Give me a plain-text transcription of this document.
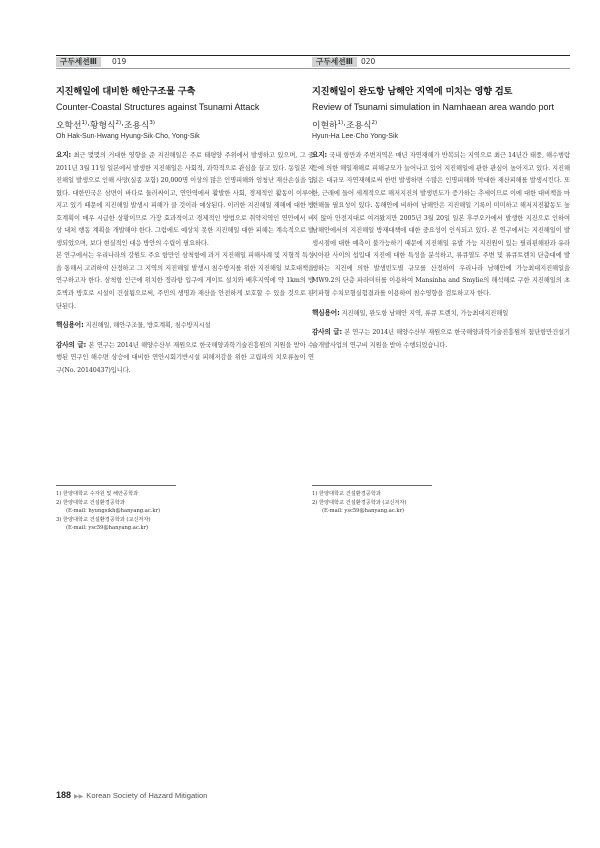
구두세션Ⅲ	019
지진해일에 대비한 해안구조물 구축
Counter-Coastal Structures against Tsunami Attack
오학선$^{1)}$·황형식$^{2)}$·조용식$^{3)}$
Oh Hak-Sun·Hwang Hyung-Sik·Cho, Yong-Sik

요지: 최근 몇몇의 거대한 영향을 준 지진해일은 주로 태평양 주위에서 발생하고 있으며, 그 중 2011년 3월 11일 일본에서 발생한 지진해일은 사회적, 과학적으로 관심을 끌고 있다. 동일본 지진해일 발생으로 인해 사망(실종 포함) 20,000명 이상의 많은 인명피해와 엄청난 재산손실을 입혔다. 대한민국은 삼면이 바다로 둘러싸이고, 연안역에서 활발한 사회, 경제적인 활동이 이루어지고 있기 때문에 지진해일 발생시 피해가 클 것이라 예상된다. 이러한 지진해일 재해에 대한 방호계획이 매우 시급한 상황이므로 가장 효과적이고 경제적인 방법으로 취약지역인 연안에서 비상 대처 행동 계획을 개발해야 한다. 그럼에도 예상치 못한 지진해일 대한 피해는 계속적으로 발생되었으며, 보다 현실적인 대응 방안의 수립이 필요하다.

본 연구에서는 우리나라의 강원도 주요 항만인 삼척항에 과거 지진해일 피해사례 및 지형적 특성을 통해서 고려하여 산정하고 그 지역의 지진해일 발생시 침수방지를 위한 지진해일 보호대책을 연구하고자 한다. 삼척항 인근에 위치한 정라항 입구에 게이트 설치와 배후지역에 약 1km의 방호벽과 방호로 시설이 건설됨으로써, 주민의 생명과 재산을 안전하게 보호할 수 있을 것으로 판단된다.

핵심용어: 지진해일, 해안구조물, 방호계획, 침수방지시설

감사의 글: 본 연구는 2014년 해양수산부 재원으로 한국해양과학기술진흥원의 지원을 받아 수행된 연구인 해수면 상승에 대비한 연안시회기반시설 피해저감을 위한 고립파의 치오류높이 연구(No. 20140437)입니다.

1) 한양대학교 수자원 및 해안공학과
2) 한양대학교 건설환경공학과
(E-mail: hyungsikh@hanyang.ac.kr)
3) 한양대학교 건설환경공학과 (교신저자)
(E-mail: ysc59@hanyang.ac.kr)
구두세션Ⅲ	020
지진해일이 완도항 남해안 지역에 미치는 영향 검토
Review of Tsunami simulation in Namhaean area wando port
이현하$^{1)}$·조용식$^{2)}$
Hyun-Ha Lee·Cho Yong-Sik

요지: 국내 항만과 주변지역은 매년 자연재해가 반복되는 지역으로 최근 14년간 태풍, 해수범람 등에 의한 해일재해로 피해규모가 늘어나고 있어 지진해일에 관한 관심이 높아지고 있다. 지진해일은 대규모 자연재해로써 한번 발생하면 수많은 인명피해와 막대한 재산피해를 발생시킨다. 또한, 근래에 들어 세계적으로 해저지진의 발생빈도가 증가하는 추세이므로 이에 대한 대비책을 마련해둘 필요성이 있다. 동해안에 비하여 남해안은 지진해일 기록이 미미하고 해저지진활동도 높지 않아 안전지대로 여겨왔지만 2005년 3월 20일 일본 후쿠오카에서 발생한 지진으로 인하여 남해안에서의 지진해일 방재대책에 대한 중요성이 인식되고 있다. 본 연구에서는 지진해일이 발생시점에 대한 예측이 불가능하기 때문에 지진해일 유발 가능 지진원이 있는 필리핀해판과 유라시아판 사이의 섭입대 지진에 대한 특성을 분석하고, 류큐열도 주변 및 류큐트렌치 단층대에 발생하는 지진에 의한 발생빈도별 규모를 산정하여 우리나라 남해안에 가능최대지진해일을 MW9.2의 단층 파라미터를 이용하여 Mansinha and Smylie의 해석해로 구한 지진해일의 초기파형 수치모형실험결과를 이용하여 침수영향을 검토하고자 한다.

핵심용어: 지진해일, 완도항 남해안 지역, 류큐 트렌치, 가능최대지진해일

감사의 글: 본 연구는 2014년 해양수산부 재원으로 한국해양과학기술진흥원의 첨단항만건설기술개발사업의 연구비 지원을 받아 수행되었습니다.

1) 한양대학교 건설환경공학과
2) 한양대학교 건설환경공학과 (교신저자)
(E-mail: ysc59@hanyang.ac.kr)
188 ▶▶ Korean Society of Hazard Mitigation
